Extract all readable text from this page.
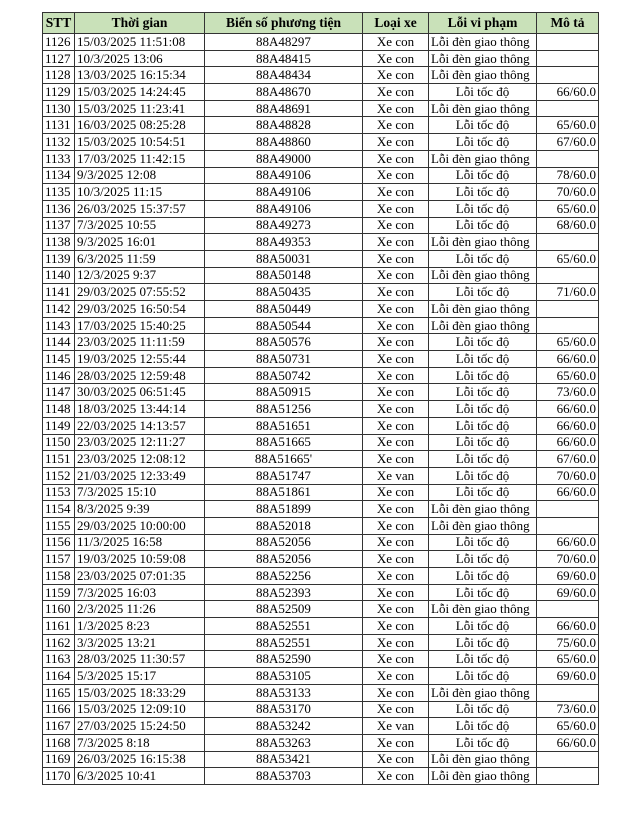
STT	Thời gian	Biển số phương tiện	Loại xe	Lỗi vi phạm	Mô tả
1126	15/03/2025 11:51:08	88A48297	Xe con	Lỗi đèn giao thông	
1127	10/3/2025 13:06	88A48415	Xe con	Lỗi đèn giao thông	
1128	13/03/2025 16:15:34	88A48434	Xe con	Lỗi đèn giao thông	
1129	15/03/2025 14:24:45	88A48670	Xe con	Lỗi tốc độ	66/60.0
1130	15/03/2025 11:23:41	88A48691	Xe con	Lỗi đèn giao thông	
1131	16/03/2025 08:25:28	88A48828	Xe con	Lỗi tốc độ	65/60.0
1132	15/03/2025 10:54:51	88A48860	Xe con	Lỗi tốc độ	67/60.0
1133	17/03/2025 11:42:15	88A49000	Xe con	Lỗi đèn giao thông	
1134	9/3/2025 12:08	88A49106	Xe con	Lỗi tốc độ	78/60.0
1135	10/3/2025 11:15	88A49106	Xe con	Lỗi tốc độ	70/60.0
1136	26/03/2025 15:37:57	88A49106	Xe con	Lỗi tốc độ	65/60.0
1137	7/3/2025 10:55	88A49273	Xe con	Lỗi tốc độ	68/60.0
1138	9/3/2025 16:01	88A49353	Xe con	Lỗi đèn giao thông	
1139	6/3/2025 11:59	88A50031	Xe con	Lỗi tốc độ	65/60.0
1140	12/3/2025 9:37	88A50148	Xe con	Lỗi đèn giao thông	
1141	29/03/2025 07:55:52	88A50435	Xe con	Lỗi tốc độ	71/60.0
1142	29/03/2025 16:50:54	88A50449	Xe con	Lỗi đèn giao thông	
1143	17/03/2025 15:40:25	88A50544	Xe con	Lỗi đèn giao thông	
1144	23/03/2025 11:11:59	88A50576	Xe con	Lỗi tốc độ	65/60.0
1145	19/03/2025 12:55:44	88A50731	Xe con	Lỗi tốc độ	66/60.0
1146	28/03/2025 12:59:48	88A50742	Xe con	Lỗi tốc độ	65/60.0
1147	30/03/2025 06:51:45	88A50915	Xe con	Lỗi tốc độ	73/60.0
1148	18/03/2025 13:44:14	88A51256	Xe con	Lỗi tốc độ	66/60.0
1149	22/03/2025 14:13:57	88A51651	Xe con	Lỗi tốc độ	66/60.0
1150	23/03/2025 12:11:27	88A51665	Xe con	Lỗi tốc độ	66/60.0
1151	23/03/2025 12:08:12	88A51665'	Xe con	Lỗi tốc độ	67/60.0
1152	21/03/2025 12:33:49	88A51747	Xe van	Lỗi tốc độ	70/60.0
1153	7/3/2025 15:10	88A51861	Xe con	Lỗi tốc độ	66/60.0
1154	8/3/2025 9:39	88A51899	Xe con	Lỗi đèn giao thông	
1155	29/03/2025 10:00:00	88A52018	Xe con	Lỗi đèn giao thông	
1156	11/3/2025 16:58	88A52056	Xe con	Lỗi tốc độ	66/60.0
1157	19/03/2025 10:59:08	88A52056	Xe con	Lỗi tốc độ	70/60.0
1158	23/03/2025 07:01:35	88A52256	Xe con	Lỗi tốc độ	69/60.0
1159	7/3/2025 16:03	88A52393	Xe con	Lỗi tốc độ	69/60.0
1160	2/3/2025 11:26	88A52509	Xe con	Lỗi đèn giao thông	
1161	1/3/2025 8:23	88A52551	Xe con	Lỗi tốc độ	66/60.0
1162	3/3/2025 13:21	88A52551	Xe con	Lỗi tốc độ	75/60.0
1163	28/03/2025 11:30:57	88A52590	Xe con	Lỗi tốc độ	65/60.0
1164	5/3/2025 15:17	88A53105	Xe con	Lỗi tốc độ	69/60.0
1165	15/03/2025 18:33:29	88A53133	Xe con	Lỗi đèn giao thông	
1166	15/03/2025 12:09:10	88A53170	Xe con	Lỗi tốc độ	73/60.0
1167	27/03/2025 15:24:50	88A53242	Xe van	Lỗi tốc độ	65/60.0
1168	7/3/2025 8:18	88A53263	Xe con	Lỗi tốc độ	66/60.0
1169	26/03/2025 16:15:38	88A53421	Xe con	Lỗi đèn giao thông	
1170	6/3/2025 10:41	88A53703	Xe con	Lỗi đèn giao thông	
